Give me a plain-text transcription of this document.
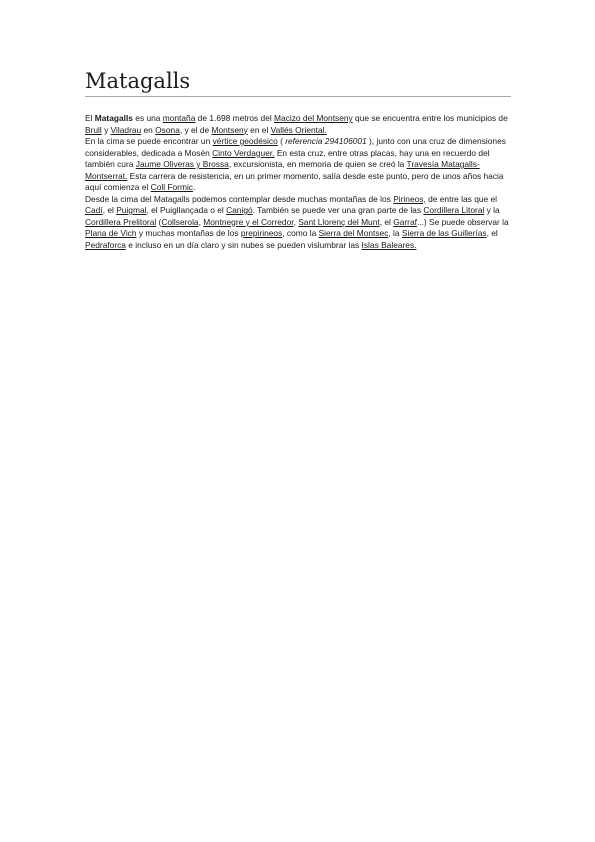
Matagalls

El Matagalls es una montaña de 1.698 metros del Macizo del Montseny que se encuentra entre los municipios de Brull y Viladrau en Osona, y el de Montseny en el Vallés Oriental.

En la cima se puede encontrar un vértice geodésico ( referencia 294106001 ), junto con una cruz de dimensiones considerables, dedicada a Mosén Cinto Verdaguer. En esta cruz, entre otras placas, hay una en recuerdo del también cura Jaume Oliveras y Brossa, excursionista, en memoria de quien se creó la Travesía Matagalls-Montserrat. Esta carrera de resistencia, en un primer momento, salía desde este punto, pero de unos años hacia aquí comienza el Coll Formic.

Desde la cima del Matagalls podemos contemplar desde muchas montañas de los Pirineos, de entre las que el Cadí, el Puigmal, el Puigllançada o el Canigó. También se puede ver una gran parte de las Cordillera Litoral y la Cordillera Prelitoral (Collserola, Montnegre y el Corredor, Sant Llorenç del Munt, el Garraf...) Se puede observar la Plana de Vich y muchas montañas de los prepirineos, como la Sierra del Montsec, la Sierra de las Guillerías, el Pedraforca e incluso en un día claro y sin nubes se pueden vislumbrar las Islas Baleares.
